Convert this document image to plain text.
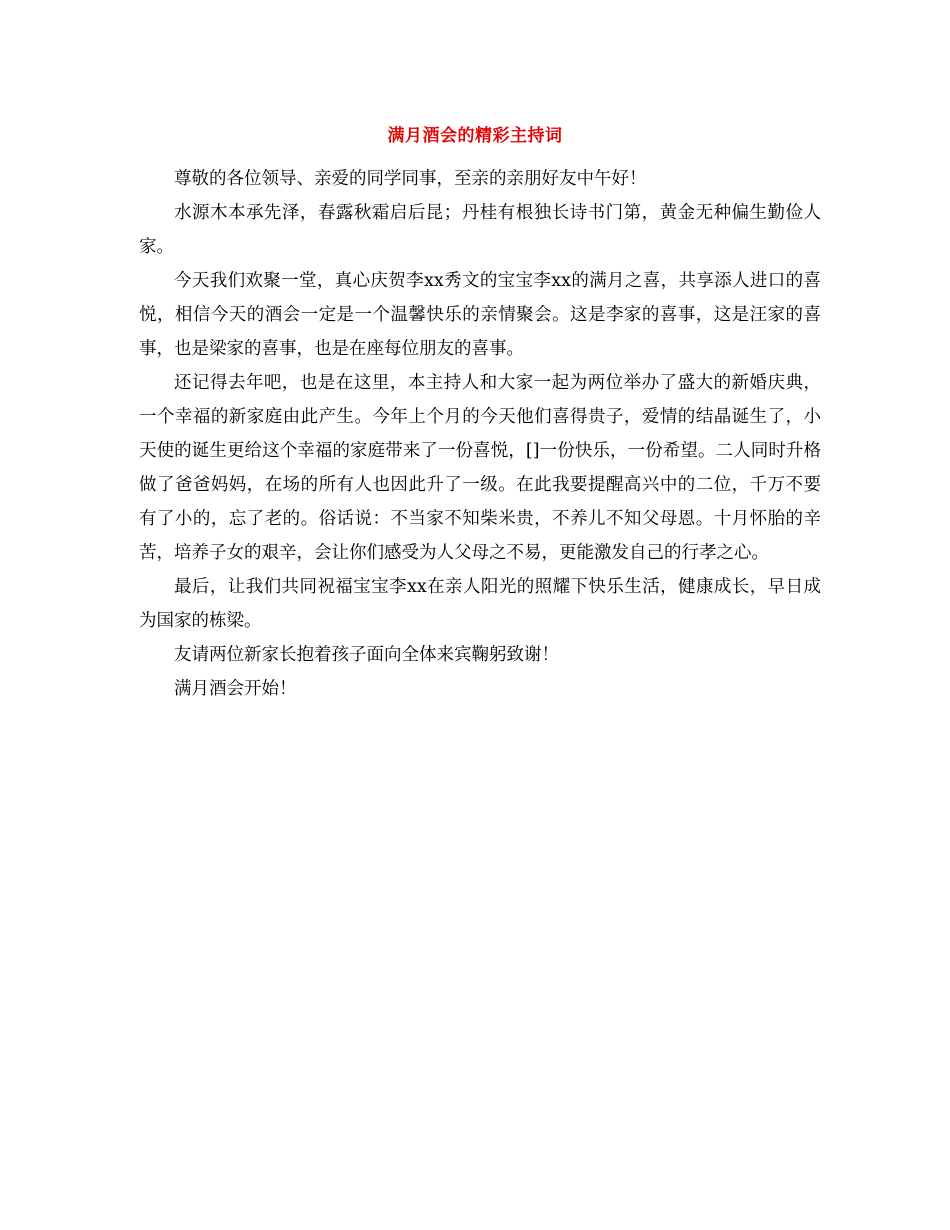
满月酒会的精彩主持词

尊敬的各位领导、亲爱的同学同事，至亲的亲朋好友中午好！

水源木本承先泽，春露秋霜启后昆；丹桂有根独长诗书门第，黄金无种偏生勤俭人家。

今天我们欢聚一堂，真心庆贺李xx秀文的宝宝李xx的满月之喜，共享添人进口的喜悦，相信今天的酒会一定是一个温馨快乐的亲情聚会。这是李家的喜事，这是汪家的喜事，也是梁家的喜事，也是在座每位朋友的喜事。

还记得去年吧，也是在这里，本主持人和大家一起为两位举办了盛大的新婚庆典，一个幸福的新家庭由此产生。今年上个月的今天他们喜得贵子，爱情的结晶诞生了，小天使的诞生更给这个幸福的家庭带来了一份喜悦，[]一份快乐，一份希望。二人同时升格做了爸爸妈妈，在场的所有人也因此升了一级。在此我要提醒高兴中的二位，千万不要有了小的，忘了老的。俗话说：不当家不知柴米贵，不养儿不知父母恩。十月怀胎的辛苦，培养子女的艰辛，会让你们感受为人父母之不易，更能激发自己的行孝之心。

最后，让我们共同祝福宝宝李xx在亲人阳光的照耀下快乐生活，健康成长，早日成为国家的栋梁。

友请两位新家长抱着孩子面向全体来宾鞠躬致谢！

满月酒会开始！
